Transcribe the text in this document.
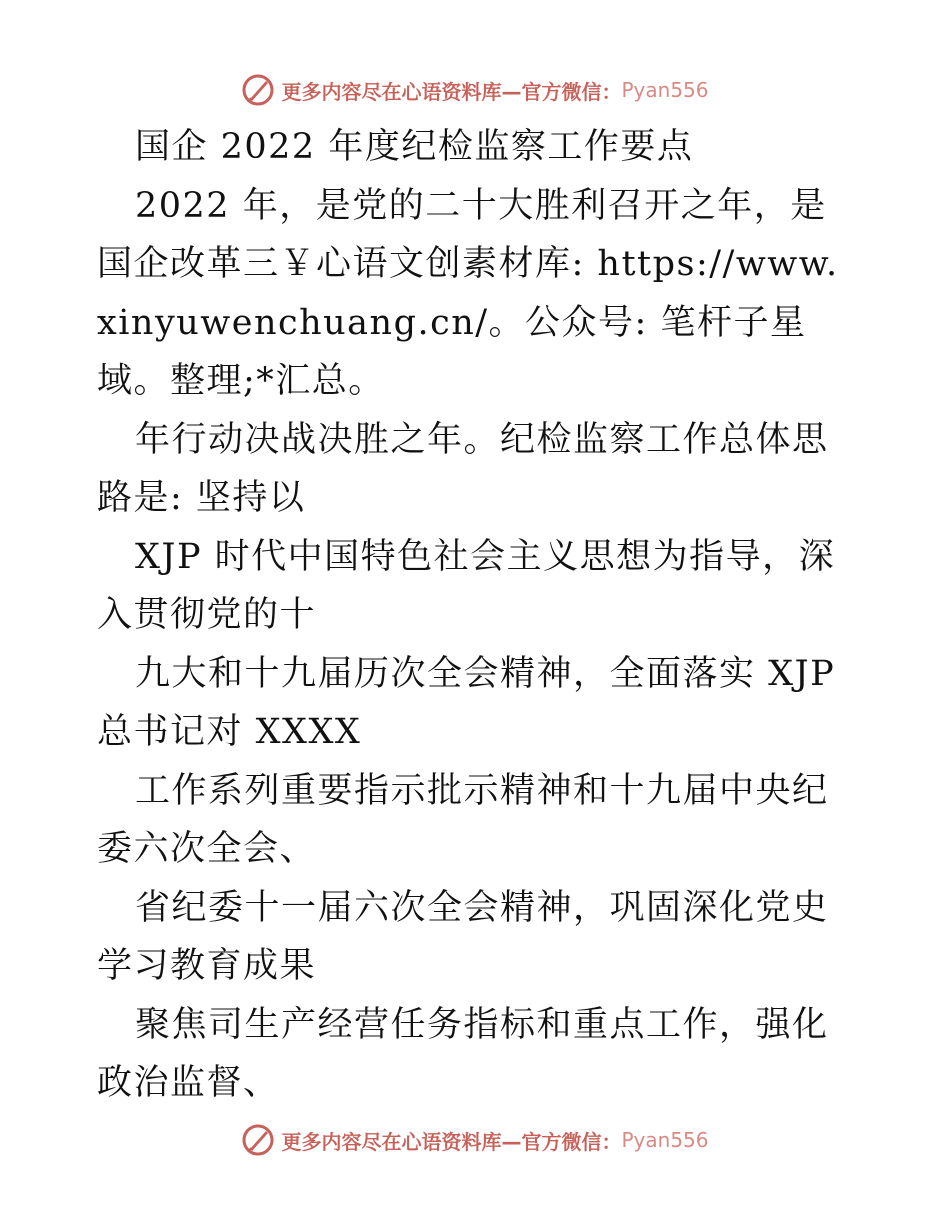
更多内容尽在心语资料库—官方微信： Pyan556

国企 2022 年度纪检监察工作要点

2022 年，是党的二十大胜利召开之年，是国企改革三￥心语文创素材库: https://www.xinyuwenchuang.cn/。公众号: 笔杆子星域。整理;*汇总。

年行动决战决胜之年。纪检监察工作总体思路是: 坚持以

XJP 时代中国特色社会主义思想为指导，深入贯彻党的十

九大和十九届历次全会精神，全面落实 XJP 总书记对 XXXX

工作系列重要指示批示精神和十九届中央纪委六次全会、

省纪委十一届六次全会精神，巩固深化党史学习教育成果

聚焦司生产经营任务指标和重点工作，强化政治监督、

更多内容尽在心语资料库—官方微信： Pyan556
